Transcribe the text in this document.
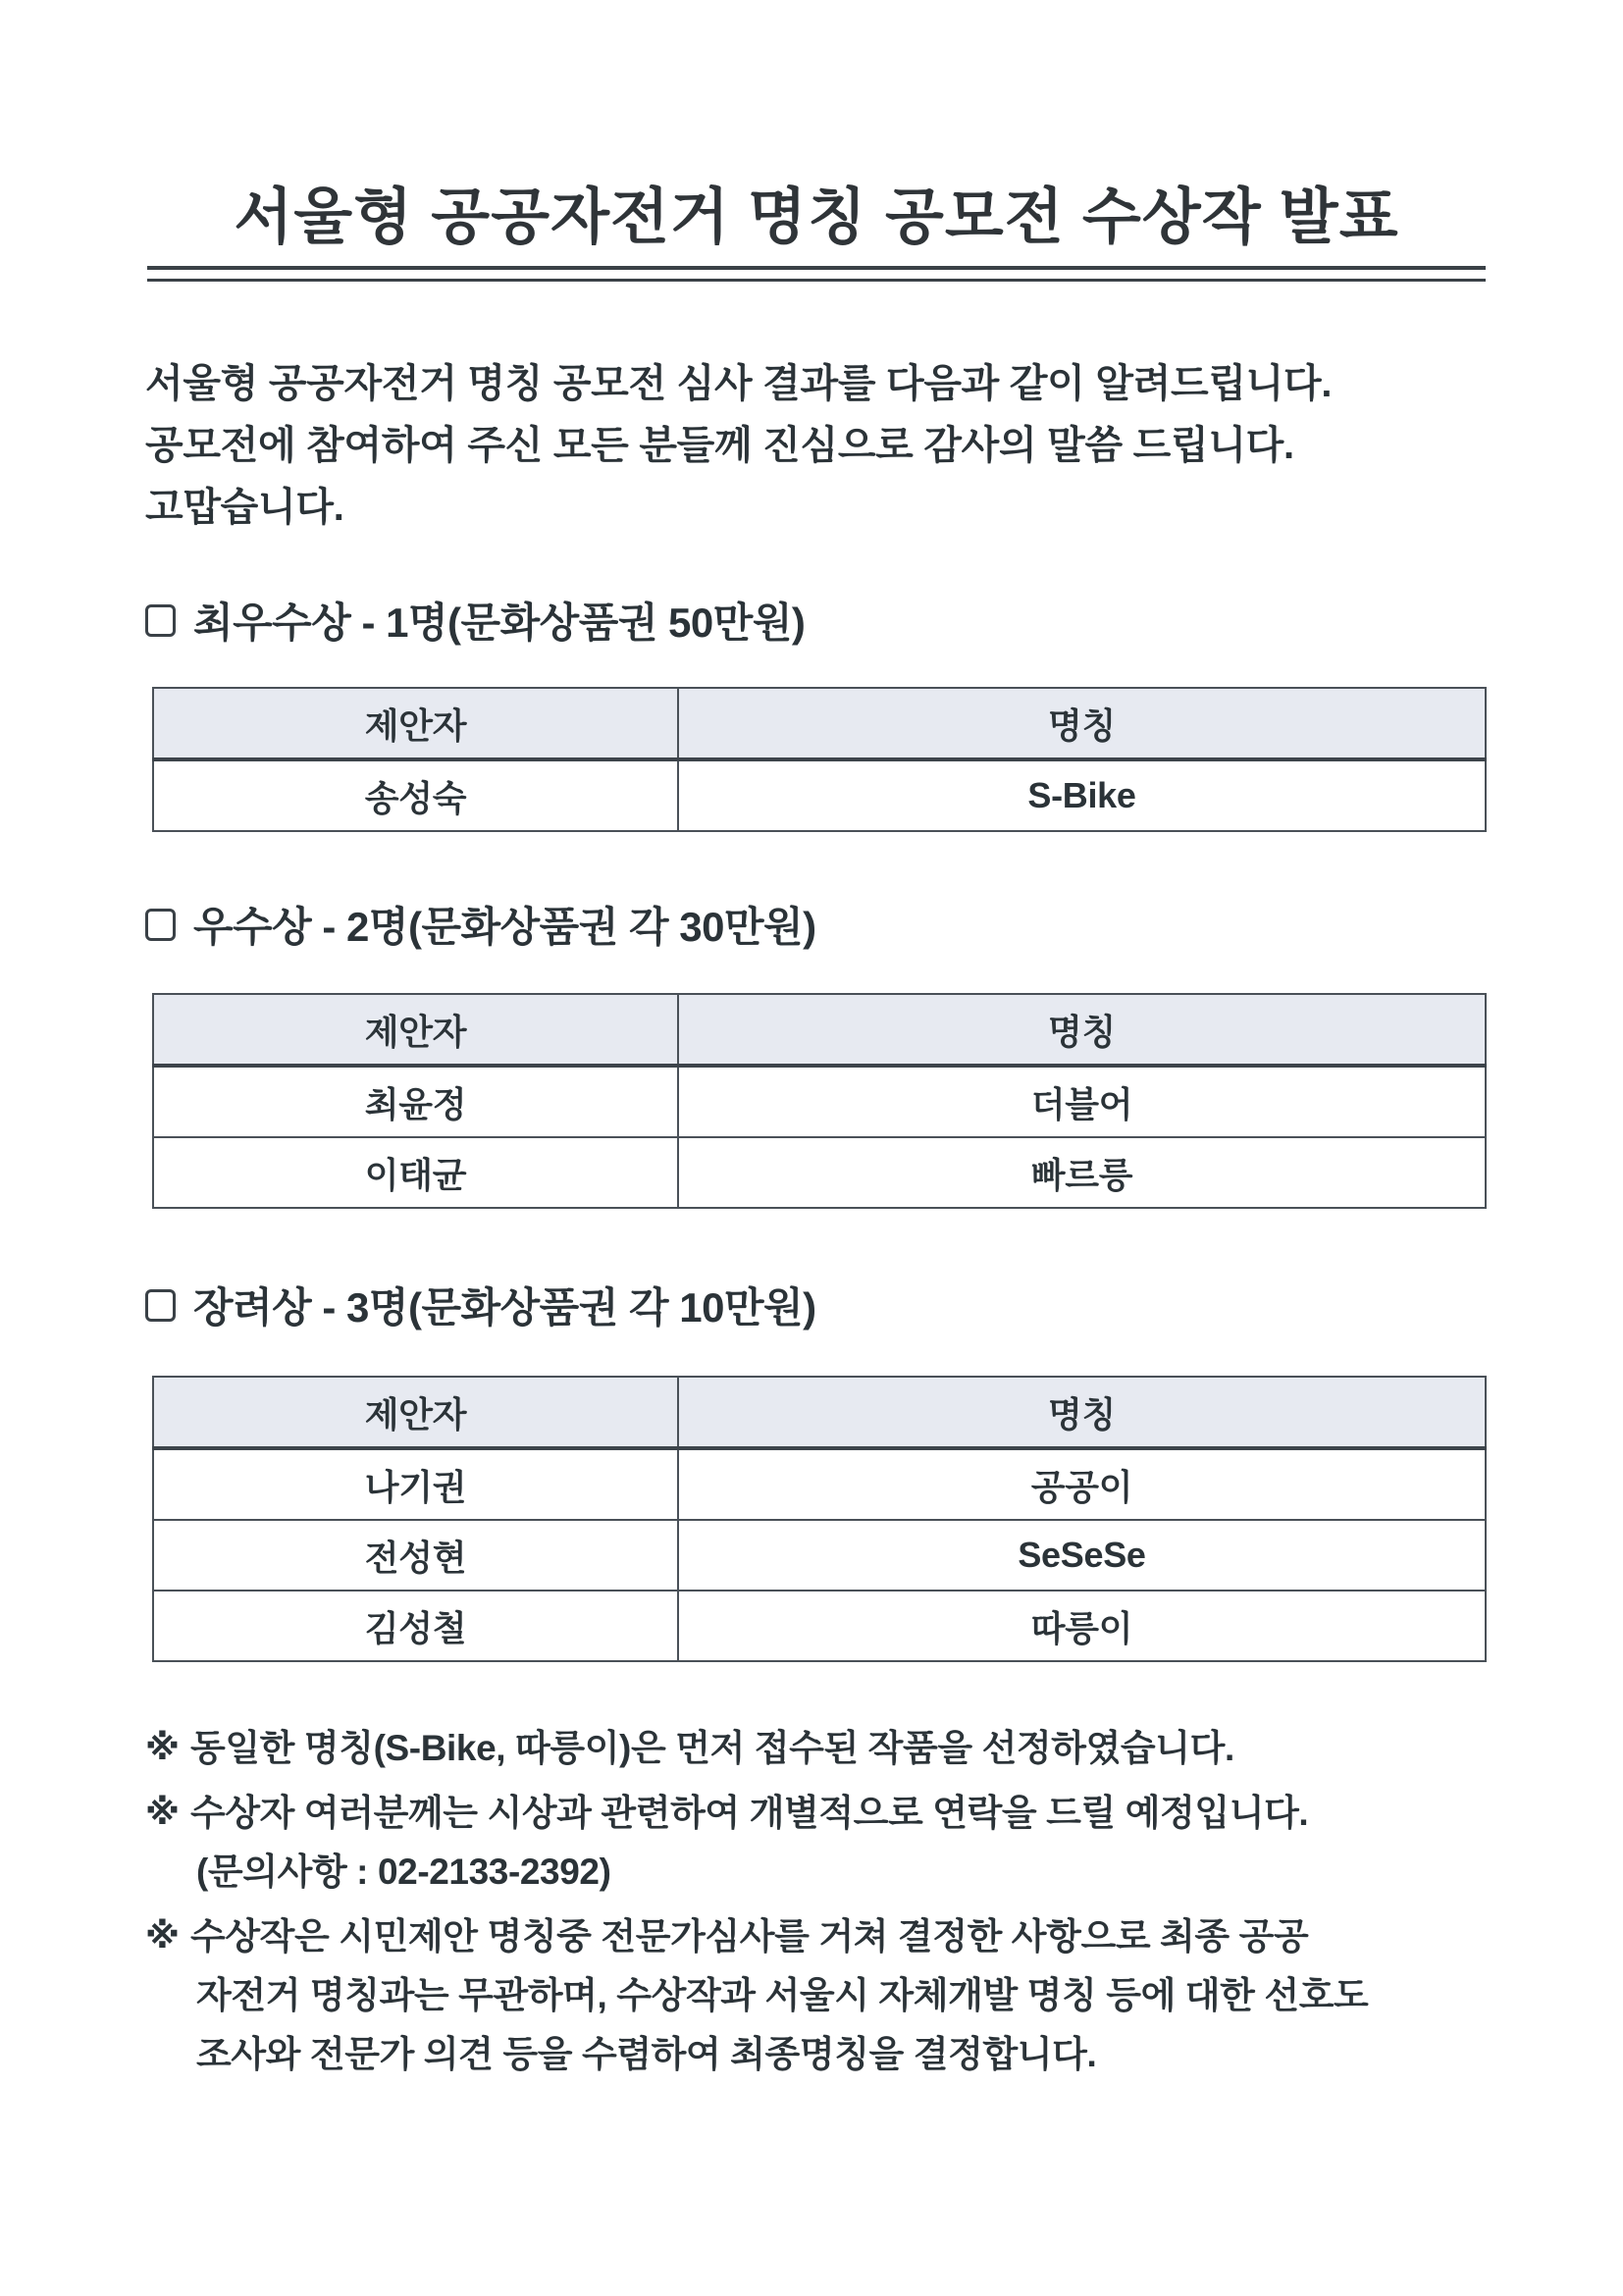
서울형 공공자전거 명칭 공모전 수상작 발표

서울형 공공자전거 명칭 공모전 심사 결과를 다음과 같이 알려드립니다.

공모전에 참여하여 주신 모든 분들께 진심으로 감사의 말씀 드립니다.

고맙습니다.

최우수상 - 1명(문화상품권 50만원)
제안자	명칭
송성숙	S-Bike
우수상 - 2명(문화상품권 각 30만원)
제안자	명칭
최윤정	더블어
이태균	빠르릉
장려상 - 3명(문화상품권 각 10만원)
제안자	명칭
나기권	공공이
전성현	SeSeSe
김성철	따릉이
※ 동일한 명칭(S-Bike, 따릉이)은 먼저 접수된 작품을 선정하였습니다.

※ 수상자 여러분께는 시상과 관련하여 개별적으로 연락을 드릴 예정입니다.

(문의사항 : 02-2133-2392)

※ 수상작은 시민제안 명칭중 전문가심사를 거쳐 결정한 사항으로 최종 공공

자전거 명칭과는 무관하며, 수상작과 서울시 자체개발 명칭 등에 대한 선호도

조사와 전문가 의견 등을 수렴하여 최종명칭을 결정합니다.
